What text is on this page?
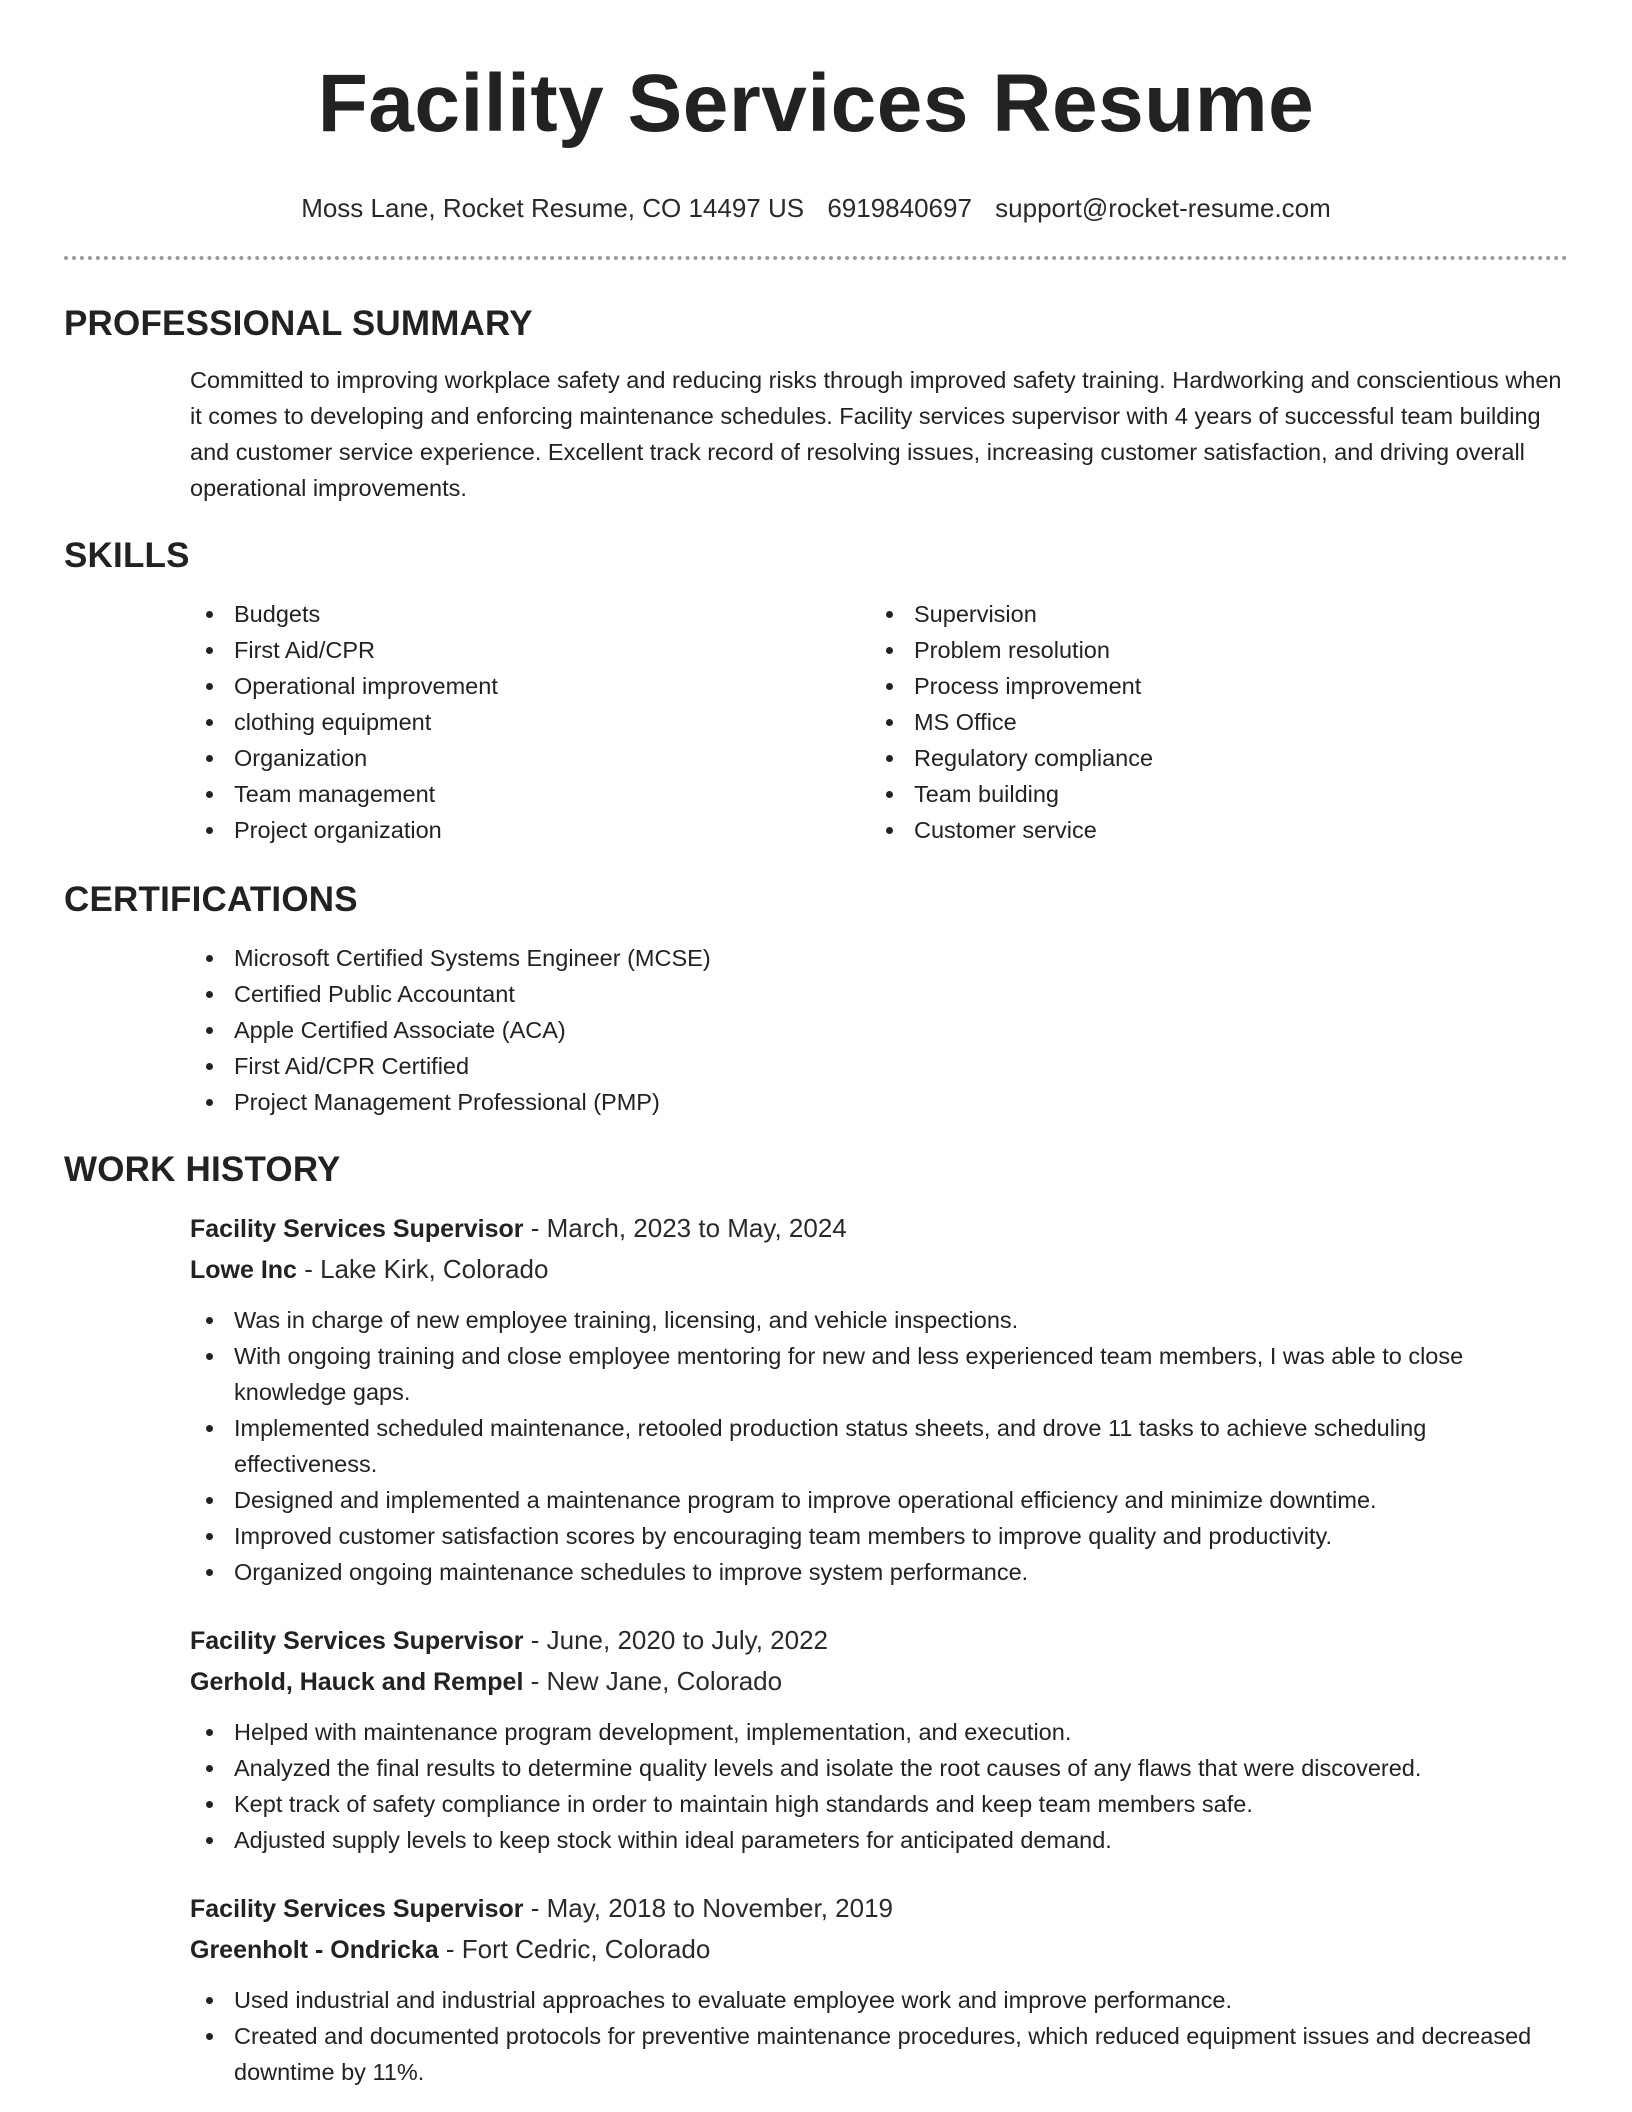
Facility Services Resume
Moss Lane, Rocket Resume, CO 14497 US 6919840697 support@rocket-resume.com
PROFESSIONAL SUMMARY

Committed to improving workplace safety and reducing risks through improved safety training. Hardworking and conscientious when it comes to developing and enforcing maintenance schedules. Facility services supervisor with 4 years of successful team building and customer service experience. Excellent track record of resolving issues, increasing customer satisfaction, and driving overall operational improvements.

SKILLS
Budgets
First Aid/CPR
Operational improvement
clothing equipment
Organization
Team management
Project organization
Supervision
Problem resolution
Process improvement
MS Office
Regulatory compliance
Team building
Customer service
CERTIFICATIONS
Microsoft Certified Systems Engineer (MCSE)
Certified Public Accountant
Apple Certified Associate (ACA)
First Aid/CPR Certified
Project Management Professional (PMP)
WORK HISTORY
Facility Services Supervisor - March, 2023 to May, 2024
Lowe Inc - Lake Kirk, Colorado
Was in charge of new employee training, licensing, and vehicle inspections.
With ongoing training and close employee mentoring for new and less experienced team members, I was able to close knowledge gaps.
Implemented scheduled maintenance, retooled production status sheets, and drove 11 tasks to achieve scheduling effectiveness.
Designed and implemented a maintenance program to improve operational efficiency and minimize downtime.
Improved customer satisfaction scores by encouraging team members to improve quality and productivity.
Organized ongoing maintenance schedules to improve system performance.
Facility Services Supervisor - June, 2020 to July, 2022
Gerhold, Hauck and Rempel - New Jane, Colorado
Helped with maintenance program development, implementation, and execution.
Analyzed the final results to determine quality levels and isolate the root causes of any flaws that were discovered.
Kept track of safety compliance in order to maintain high standards and keep team members safe.
Adjusted supply levels to keep stock within ideal parameters for anticipated demand.
Facility Services Supervisor - May, 2018 to November, 2019
Greenholt - Ondricka - Fort Cedric, Colorado
Used industrial and industrial approaches to evaluate employee work and improve performance.
Created and documented protocols for preventive maintenance procedures, which reduced equipment issues and decreased downtime by 11%.
